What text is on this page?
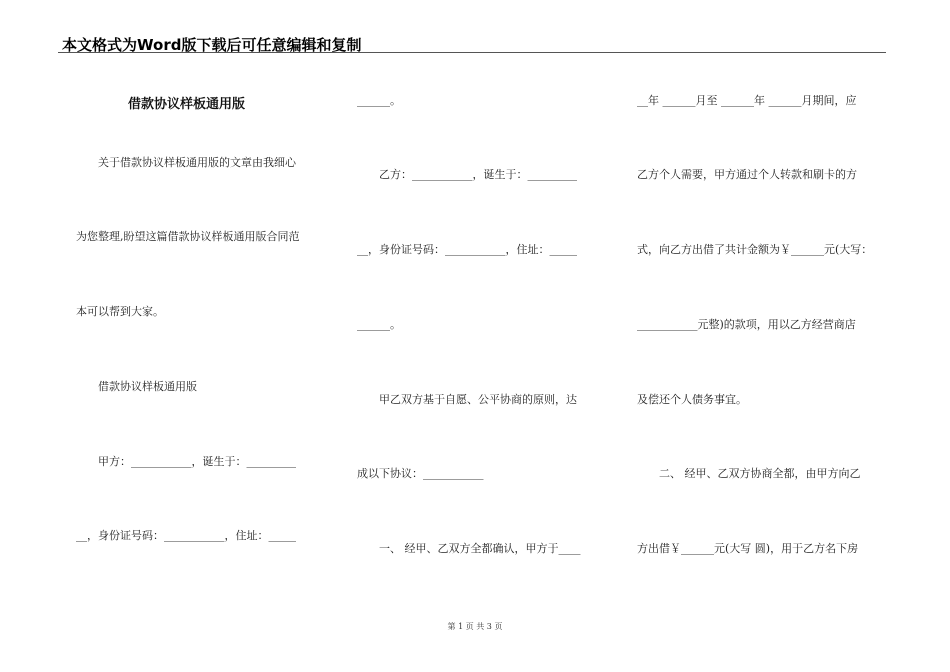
本文格式为Word版下载后可任意编辑和复制
借款协议样板通用版
　　关于借款协议样板通用版的文章由我细心
为您整理,盼望这篇借款协议样板通用版合同范
本可以帮到大家。
　　借款协议样板通用版
　　甲方：___________，诞生于：_________
__，身份证号码：___________，住址：_____
______。
　　乙方：___________，诞生于：_________
__，身份证号码：___________，住址：_____
______。
　　甲乙双方基于自愿、公平协商的原则，达
成以下协议：___________
　　一、 经甲、乙双方全都确认，甲方于____
__年 ______月至 ______年 ______月期间，应
乙方个人需要，甲方通过个人转款和刷卡的方
式，向乙方出借了共计金额为￥______元(大写：
___________元整)的款项，用以乙方经营商店
及偿还个人债务事宜。
　　二、 经甲、乙双方协商全都，由甲方向乙
方出借￥______元(大写 圆)，用于乙方名下房
第 1 页 共 3 页
